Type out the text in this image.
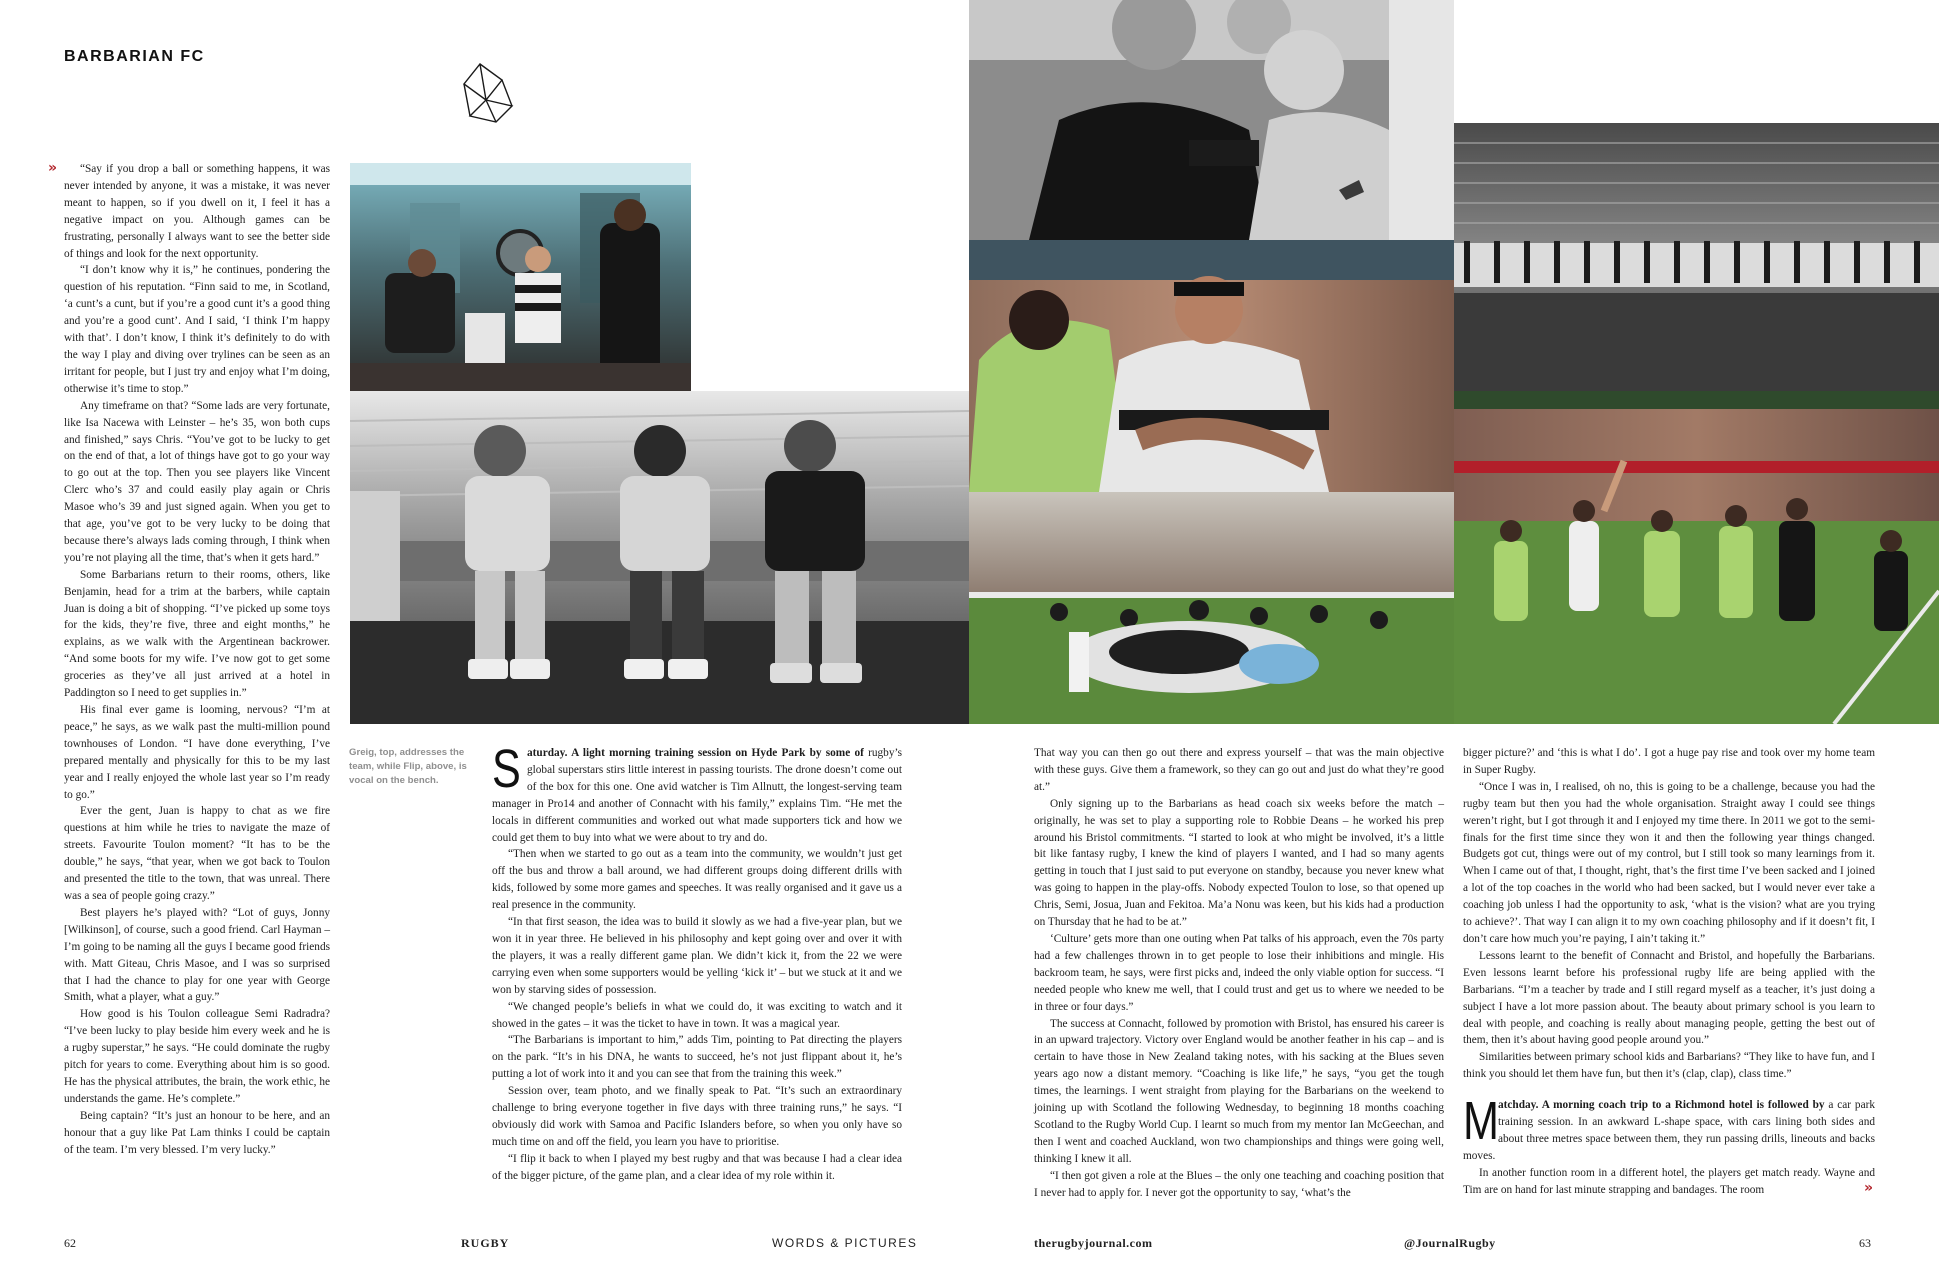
BARBARIAN FC
»	“Say if you drop a ball or something happens, it was never intended by anyone, it was a mistake, it was never meant to happen, so if you dwell on it, I feel it has a negative impact on you. Although games can be frustrating, personally I always want to see the better side of things and look for the next opportunity.

“I don’t know why it is,” he continues, pondering the question of his reputation. “Finn said to me, in Scotland, ‘a cunt’s a cunt, but if you’re a good cunt it’s a good thing and you’re a good cunt’. And I said, ‘I think I’m happy with that’. I don’t know, I think it’s definitely to do with the way I play and diving over trylines can be seen as an irritant for people, but I just try and enjoy what I’m doing, otherwise it’s time to stop.”

Any timeframe on that? “Some lads are very fortunate, like Isa Nacewa with Leinster – he’s 35, won both cups and finished,” says Chris. “You’ve got to be lucky to get on the end of that, a lot of things have got to go your way to go out at the top. Then you see players like Vincent Clerc who’s 37 and could easily play again or Chris Masoe who’s 39 and just signed again. When you get to that age, you’ve got to be very lucky to be doing that because there’s always lads coming through, I think when you’re not playing all the time, that’s when it gets hard.”

Some Barbarians return to their rooms, others, like Benjamin, head for a trim at the barbers, while captain Juan is doing a bit of shopping. “I’ve picked up some toys for the kids, they’re five, three and eight months,” he explains, as we walk with the Argentinean backrower. “And some boots for my wife. I’ve now got to get some groceries as they’ve all just arrived at a hotel in Paddington so I need to get supplies in.”

His final ever game is looming, nervous? “I’m at peace,” he says, as we walk past the multi-million pound townhouses of London. “I have done everything, I’ve prepared mentally and physically for this to be my last year and I really enjoyed the whole last year so I’m ready to go.”

Ever the gent, Juan is happy to chat as we fire questions at him while he tries to navigate the maze of streets. Favourite Toulon moment? “It has to be the double,” he says, “that year, when we got back to Toulon and presented the title to the town, that was unreal. There was a sea of people going crazy.”

Best players he’s played with? “Lot of guys, Jonny [Wilkinson], of course, such a good friend. Carl Hayman – I’m going to be naming all the guys I became good friends with. Matt Giteau, Chris Masoe, and I was so surprised that I had the chance to play for one year with George Smith, what a player, what a guy.”

How good is his Toulon colleague Semi Radradra? “I’ve been lucky to play beside him every week and he is a rugby superstar,” he says. “He could dominate the rugby pitch for years to come. Everything about him is so good. He has the physical attributes, the brain, the work ethic, he understands the game. He’s complete.”

Being captain? “It’s just an honour to be here, and an honour that a guy like Pat Lam thinks I could be captain of the team. I’m very blessed. I’m very lucky.”

Greig, top, addresses the team, while Flip, above, is vocal on the bench. Saturday. A light morning training session on Hyde Park by some of rugby’s global superstars stirs little interest in passing tourists. The drone doesn’t come out of the box for this one. One avid watcher is Tim Allnutt, the longest-serving team manager in Pro14 and another of Connacht with his family,” explains Tim. “He met the locals in different communities and worked out what made supporters tick and how we could get them to buy into what we were about to try and do.

“Then when we started to go out as a team into the community, we wouldn’t just get off the bus and throw a ball around, we had different groups doing different drills with kids, followed by some more games and speeches. It was really organised and it gave us a real presence in the community.

“In that first season, the idea was to build it slowly as we had a five-year plan, but we won it in year three. He believed in his philosophy and kept going over and over it with the players, it was a really different game plan. We didn’t kick it, from the 22 we were carrying even when some supporters would be yelling ‘kick it’ – but we stuck at it and we won by starving sides of possession.

“We changed people’s beliefs in what we could do, it was exciting to watch and it showed in the gates – it was the ticket to have in town. It was a magical year.

“The Barbarians is important to him,” adds Tim, pointing to Pat directing the players on the park. “It’s in his DNA, he wants to succeed, he’s not just flippant about it, he’s putting a lot of work into it and you can see that from the training this week.”

Session over, team photo, and we finally speak to Pat. “It’s such an extraordinary challenge to bring everyone together in five days with three training runs,” he says. “I obviously did work with Samoa and Pacific Islanders before, so when you only have so much time on and off the field, you learn you have to prioritise.

“I flip it back to when I played my best rugby and that was because I had a clear idea of the bigger picture, of the game plan, and a clear idea of my role within it.

That way you can then go out there and express yourself – that was the main objective with these guys. Give them a framework, so they can go out and just do what they’re good at.”

Only signing up to the Barbarians as head coach six weeks before the match – originally, he was set to play a supporting role to Robbie Deans – he worked his prep around his Bristol commitments. “I started to look at who might be involved, it’s a little bit like fantasy rugby, I knew the kind of players I wanted, and I had so many agents getting in touch that I just said to put everyone on standby, because you never knew what was going to happen in the play-offs. Nobody expected Toulon to lose, so that opened up Chris, Semi, Josua, Juan and Fekitoa. Ma’a Nonu was keen, but his kids had a production on Thursday that he had to be at.”

‘Culture’ gets more than one outing when Pat talks of his approach, even the 70s party had a few challenges thrown in to get people to lose their inhibitions and mingle. His backroom team, he says, were first picks and, indeed the only viable option for success. “I needed people who knew me well, that I could trust and get us to where we needed to be in three or four days.”

The success at Connacht, followed by promotion with Bristol, has ensured his career is in an upward trajectory. Victory over England would be another feather in his cap – and is certain to have those in New Zealand taking notes, with his sacking at the Blues seven years ago now a distant memory. “Coaching is like life,” he says, “you get the tough times, the learnings. I went straight from playing for the Barbarians on the weekend to joining up with Scotland the following Wednesday, to beginning 18 months coaching Scotland to the Rugby World Cup. I learnt so much from my mentor Ian McGeechan, and then I went and coached Auckland, won two championships and things were going well, thinking I knew it all.

“I then got given a role at the Blues – the only one teaching and coaching position that I never had to apply for. I never got the opportunity to say, ‘what’s the

bigger picture?’ and ‘this is what I do’. I got a huge pay rise and took over my home team in Super Rugby.

“Once I was in, I realised, oh no, this is going to be a challenge, because you had the rugby team but then you had the whole organisation. Straight away I could see things weren’t right, but I got through it and I enjoyed my time there. In 2011 we got to the semi-finals for the first time since they won it and then the following year things changed. Budgets got cut, things were out of my control, but I still took so many learnings from it. When I came out of that, I thought, right, that’s the first time I’ve been sacked and I joined a lot of the top coaches in the world who had been sacked, but I would never ever take a coaching job unless I had the opportunity to ask, ‘what is the vision? what are you trying to achieve?’. That way I can align it to my own coaching philosophy and if it doesn’t fit, I don’t care how much you’re paying, I ain’t taking it.”

Lessons learnt to the benefit of Connacht and Bristol, and hopefully the Barbarians. Even lessons learnt before his professional rugby life are being applied with the Barbarians. “I’m a teacher by trade and I still regard myself as a teacher, it’s just doing a subject I have a lot more passion about. The beauty about primary school is you learn to deal with people, and coaching is really about managing people, getting the best out of them, then it’s about having good people around you.”

Similarities between primary school kids and Barbarians? “They like to have fun, and I think you should let them have fun, but then it’s (clap, clap), class time.”

Matchday. A morning coach trip to a Richmond hotel is followed by a car park training session. In an awkward L-shape space, with cars lining both sides and about three metres space between them, they run passing drills, lineouts and backs moves.

In another function room in a different hotel, the players get match ready. Wayne and Tim are on hand for last minute strapping and bandages. The room	»
62	RUGBY	WORDS & PICTURES	therugbyjournal.com	@JournalRugby	63
